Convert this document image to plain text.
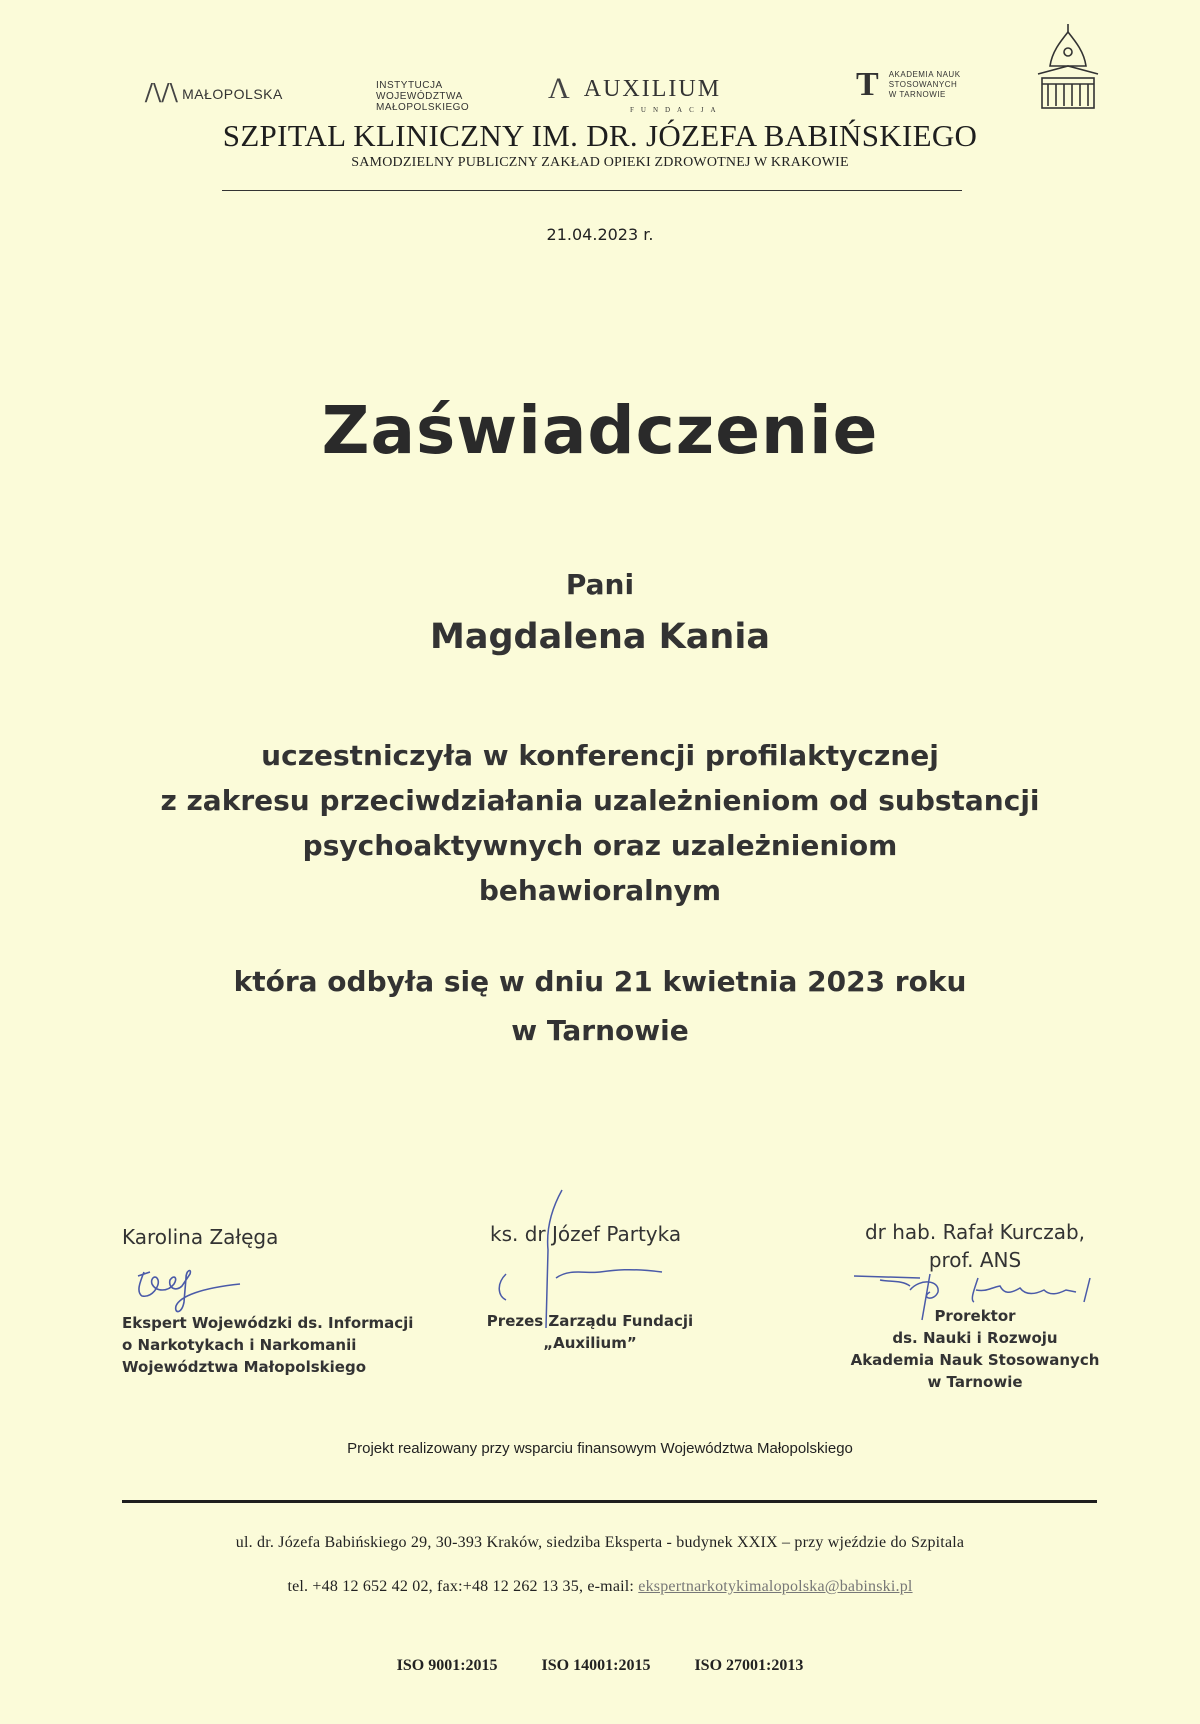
/\/\ MAŁOPOLSKA
INSTYTUCJA
WOJEWÓDZTWA
MAŁOPOLSKIEGO
Λ AUXILIUM
FUNDACJA
T AKADEMIA NAUK
STOSOWANYCH
W TARNOWIE
SZPITAL KLINICZNY IM. DR. JÓZEFA BABIŃSKIEGO
SAMODZIELNY PUBLICZNY ZAKŁAD OPIEKI ZDROWOTNEJ W KRAKOWIE
21.04.2023 r.
Zaświadczenie
Pani
Magdalena Kania
uczestniczyła w konferencji profilaktycznej
z zakresu przeciwdziałania uzależnieniom od substancji
psychoaktywnych oraz uzależnieniom
behawioralnym
która odbyła się w dniu 21 kwietnia 2023 roku
w Tarnowie
Karolina Załęga
Ekspert Wojewódzki ds. Informacji
o Narkotykach i Narkomanii
Województwa Małopolskiego
ks. dr Józef Partyka
Prezes Zarządu Fundacji
„Auxilium”
dr hab. Rafał Kurczab,
prof. ANS
Prorektor
ds. Nauki i Rozwoju
Akademia Nauk Stosowanych
w Tarnowie
Projekt realizowany przy wsparciu finansowym Województwa Małopolskiego
ul. dr. Józefa Babińskiego 29, 30-393 Kraków, siedziba Eksperta - budynek XXIX – przy wjeździe do Szpitala
tel. +48 12 652 42 02, fax:+48 12 262 13 35, e-mail: ekspertnarkotykimalopolska@babinski.pl
ISO 9001:2015	ISO 14001:2015	ISO 27001:2013
